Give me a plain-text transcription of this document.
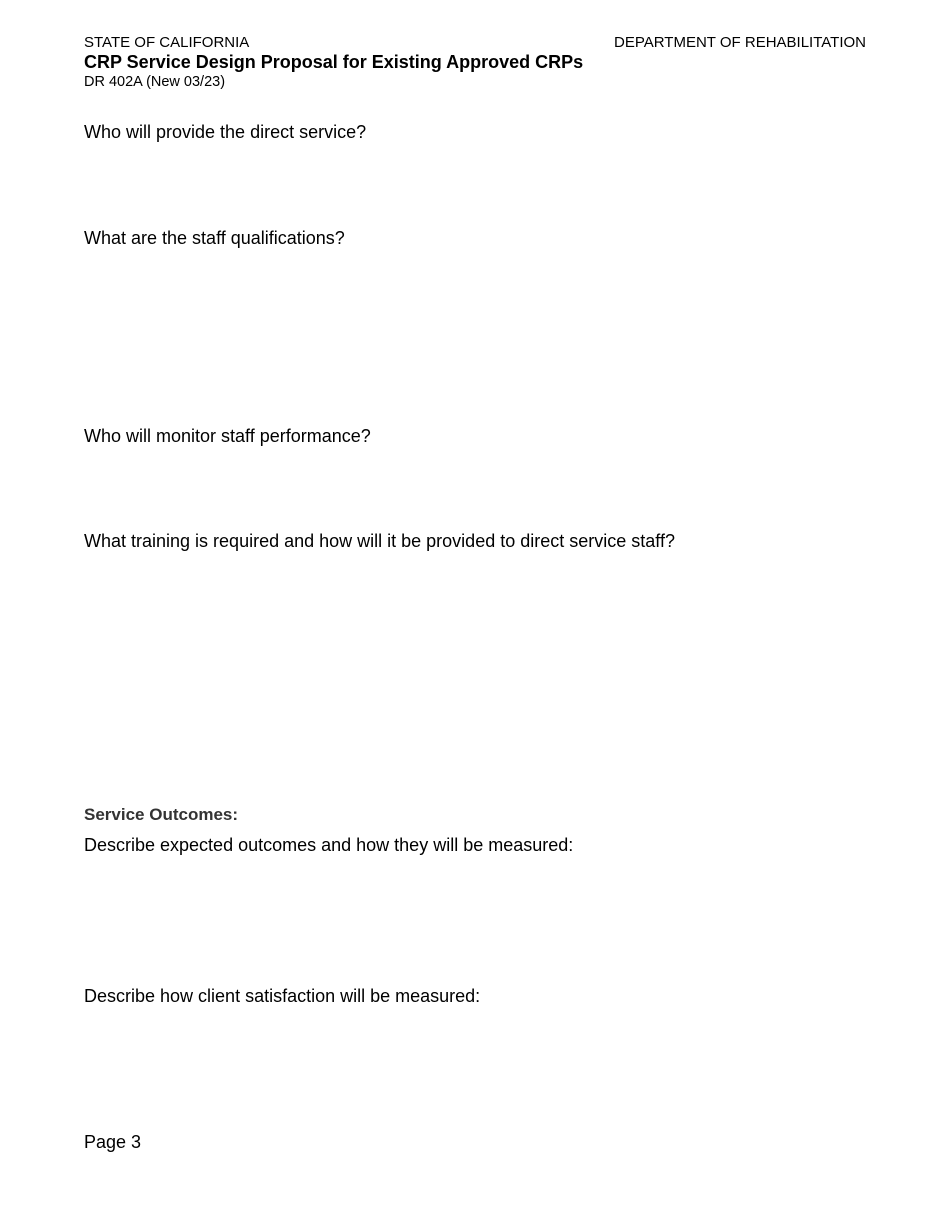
STATE OF CALIFORNIA	DEPARTMENT OF REHABILITATION
CRP Service Design Proposal for Existing Approved CRPs
DR 402A (New 03/23)
Who will provide the direct service?
What are the staff qualifications?
Who will monitor staff performance?
What training is required and how will it be provided to direct service staff?
Service Outcomes:
Describe expected outcomes and how they will be measured:
Describe how client satisfaction will be measured:
Page 3
